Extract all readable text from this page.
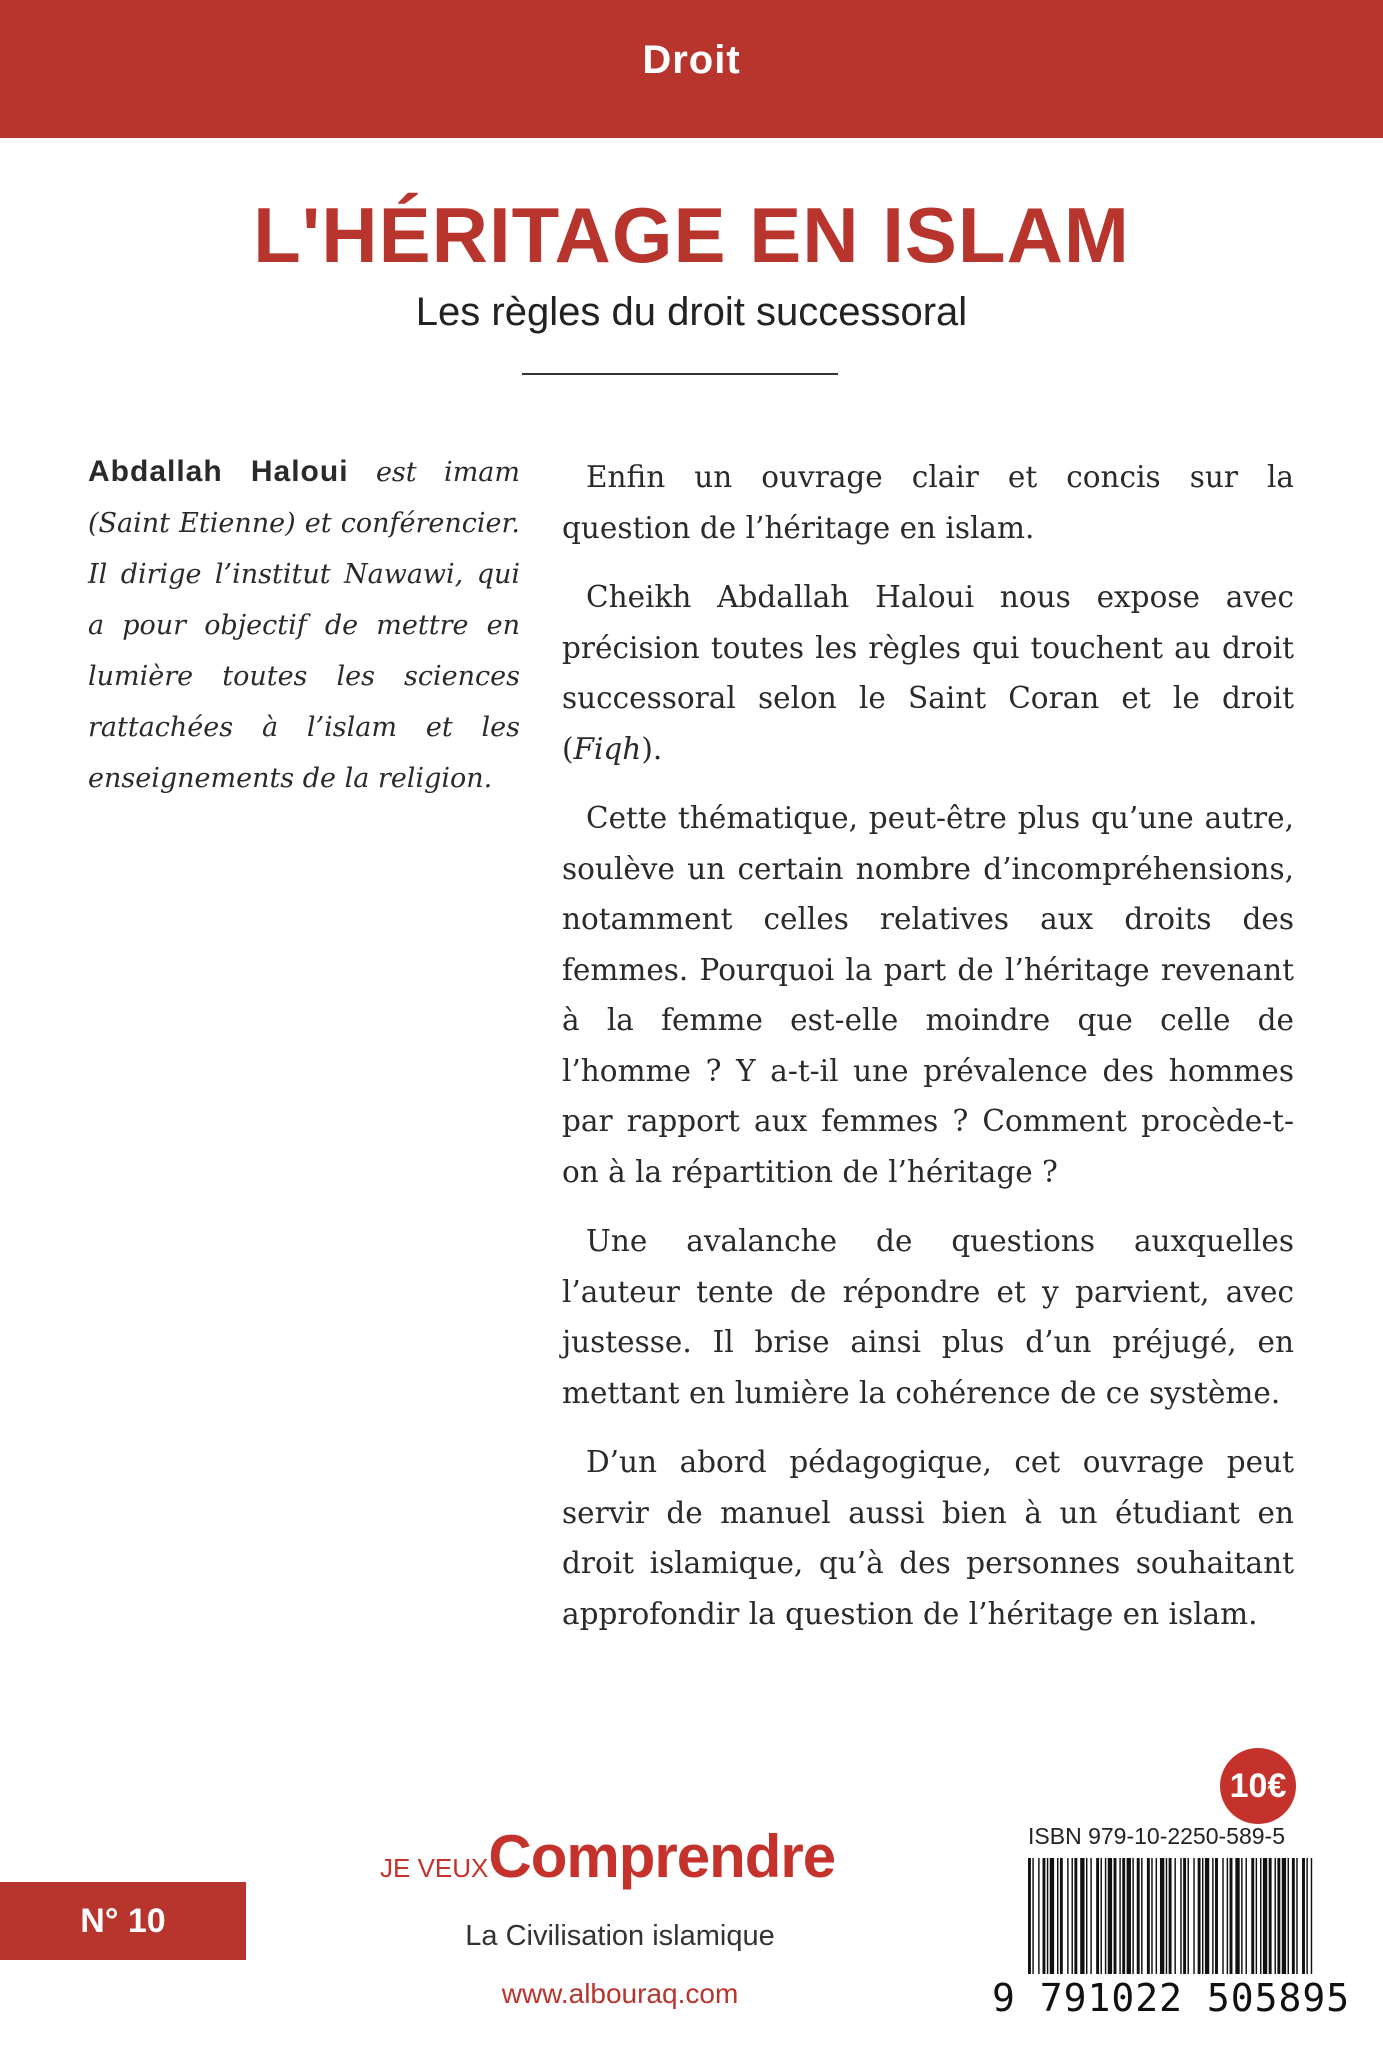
Droit
L'HÉRITAGE EN ISLAM
Les règles du droit successoral
Abdallah Haloui est imam (Saint Etienne) et conférencier. Il dirige l’institut Nawawi, qui a pour objectif de mettre en lumière toutes les sciences rattachées à l’islam et les enseignements de la religion.

Enfin un ouvrage clair et concis sur la question de l’héritage en islam.

Cheikh Abdallah Haloui nous expose avec précision toutes les règles qui touchent au droit successoral selon le Saint Coran et le droit (Fiqh).

Cette thématique, peut-être plus qu’une autre, soulève un certain nombre d’incompréhensions, notamment celles relatives aux droits des femmes. Pourquoi la part de l’héritage revenant à la femme est-elle moindre que celle de l’homme ? Y a-t-il une prévalence des hommes par rapport aux femmes ? Comment procède-t-on à la répartition de l’héritage ?

Une avalanche de questions auxquelles l’auteur tente de répondre et y parvient, avec justesse. Il brise ainsi plus d’un préjugé, en mettant en lumière la cohérence de ce système.

D’un abord pédagogique, cet ouvrage peut servir de manuel aussi bien à un étudiant en droit islamique, qu’à des personnes souhaitant approfondir la question de l’héritage en islam.

10€
JE VEUXComprendre
N° 10	La Civilisation islamique
www.albouraq.com
ISBN 979-10-2250-589-5
9 791022 505895
